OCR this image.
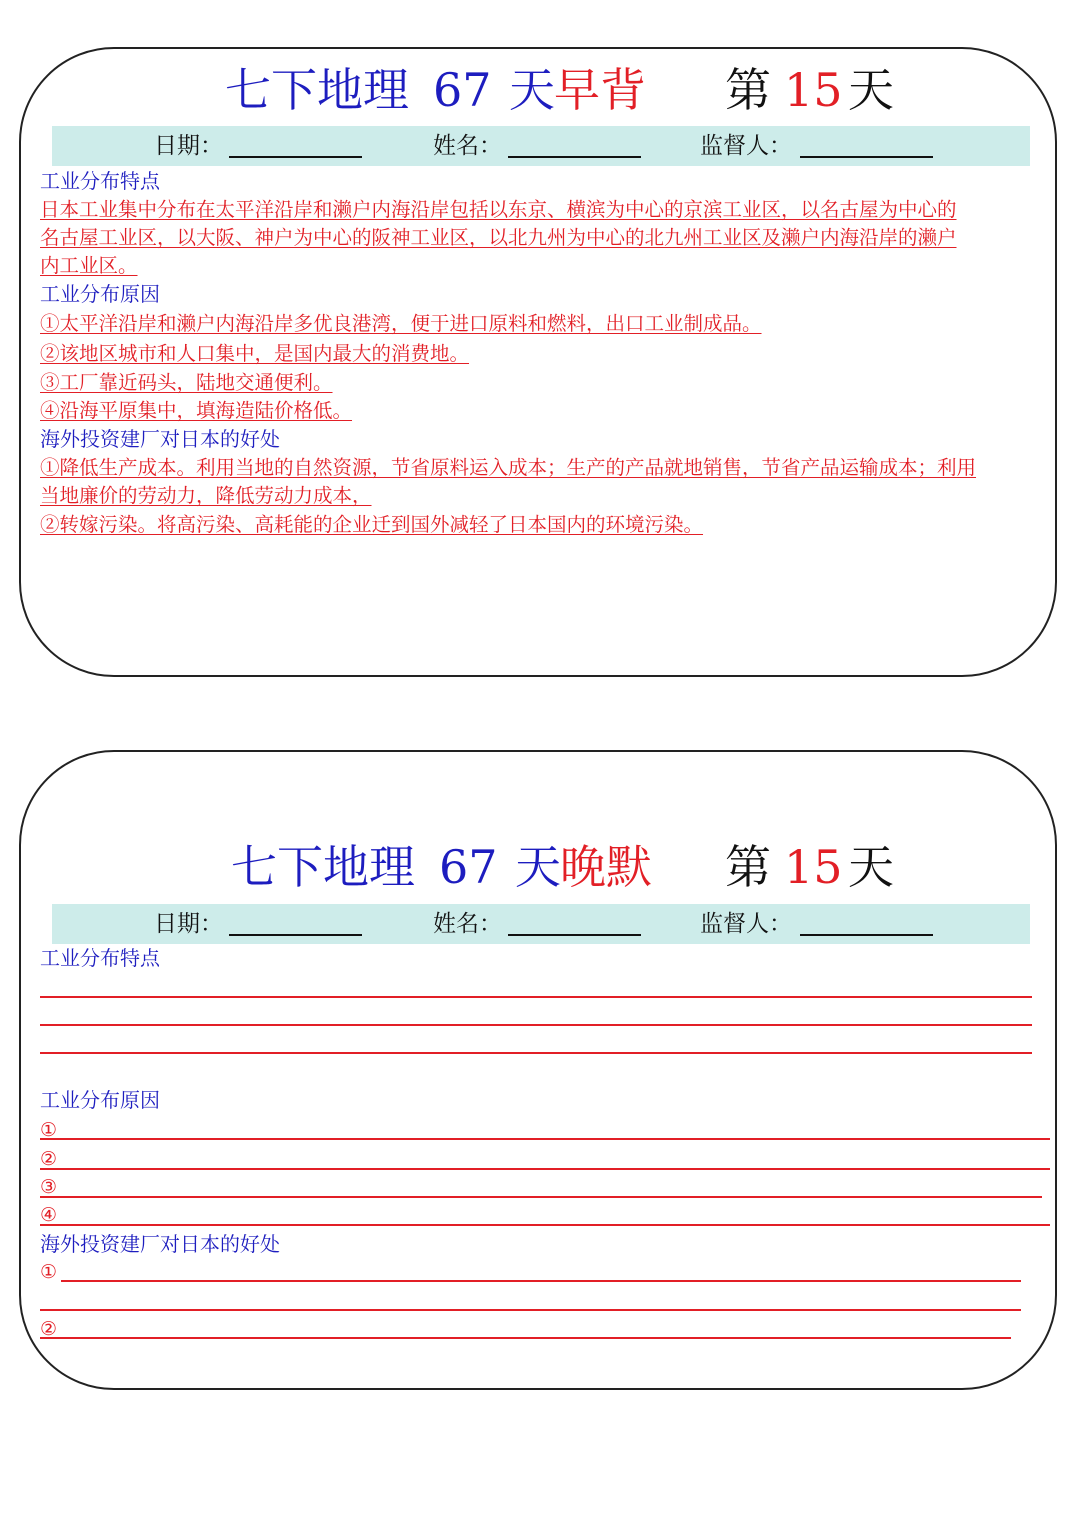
七下地理 67 天 早背 第 15 天
日期：	姓名：	监督人：
工业分布特点
日本工业集中分布在太平洋沿岸和濑户内海沿岸包括以东京、横滨为中心的京滨工业区，以名古屋为中心的
名古屋工业区，以大阪、神户为中心的阪神工业区，以北九州为中心的北九州工业区及濑户内海沿岸的濑户
内工业区。
工业分布原因
①太平洋沿岸和濑户内海沿岸多优良港湾，便于进口原料和燃料，出口工业制成品。
②该地区城市和人口集中，是国内最大的消费地。
③工厂靠近码头，陆地交通便利。
④沿海平原集中，填海造陆价格低。
海外投资建厂对日本的好处
①降低生产成本。利用当地的自然资源，节省原料运入成本；生产的产品就地销售，节省产品运输成本；利用
当地廉价的劳动力，降低劳动力成本，
②转嫁污染。将高污染、高耗能的企业迁到国外减轻了日本国内的环境污染。
七下地理 67 天 晚默 第 15 天
日期：	姓名：	监督人：
工业分布特点
工业分布原因
①
②
③
④
海外投资建厂对日本的好处
①
②
